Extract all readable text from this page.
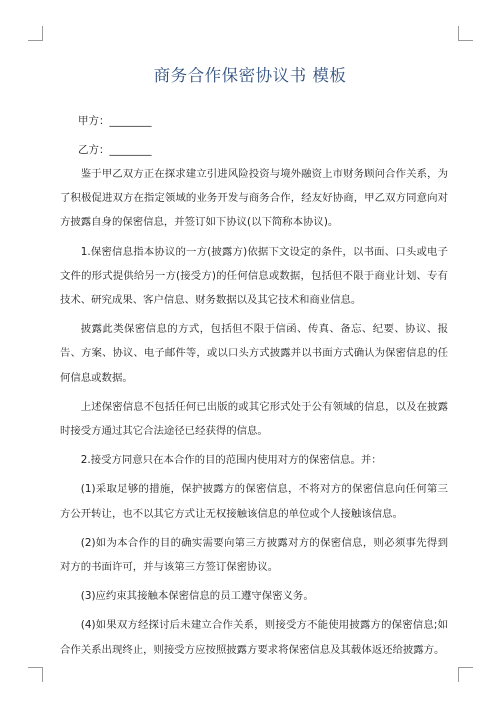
商务合作保密协议书 模板
甲方：________
乙方：________

鉴于甲乙双方正在探求建立引进风险投资与境外融资上市财务顾问合作关系，为了积极促进双方在指定领域的业务开发与商务合作，经友好协商，甲乙双方同意向对方披露自身的保密信息，并签订如下协议(以下简称本协议)。

1.保密信息指本协议的一方(披露方)依据下文设定的条件，以书面、口头或电子文件的形式提供给另一方(接受方)的任何信息或数据，包括但不限于商业计划、专有技术、研究成果、客户信息、财务数据以及其它技术和商业信息。

披露此类保密信息的方式，包括但不限于信函、传真、备忘、纪要、协议、报告、方案、协议、电子邮件等，或以口头方式披露并以书面方式确认为保密信息的任何信息或数据。

上述保密信息不包括任何已出版的或其它形式处于公有领域的信息，以及在披露时接受方通过其它合法途径已经获得的信息。

2.接受方同意只在本合作的目的范围内使用对方的保密信息。并：

(1)采取足够的措施，保护披露方的保密信息，不将对方的保密信息向任何第三方公开转让，也不以其它方式让无权接触该信息的单位或个人接触该信息。

(2)如为本合作的目的确实需要向第三方披露对方的保密信息，则必须事先得到对方的书面许可，并与该第三方签订保密协议。

(3)应约束其接触本保密信息的员工遵守保密义务。

(4)如果双方经探讨后未建立合作关系，则接受方不能使用披露方的保密信息;如合作关系出现终止，则接受方应按照披露方要求将保密信息及其载体返还给披露方。
